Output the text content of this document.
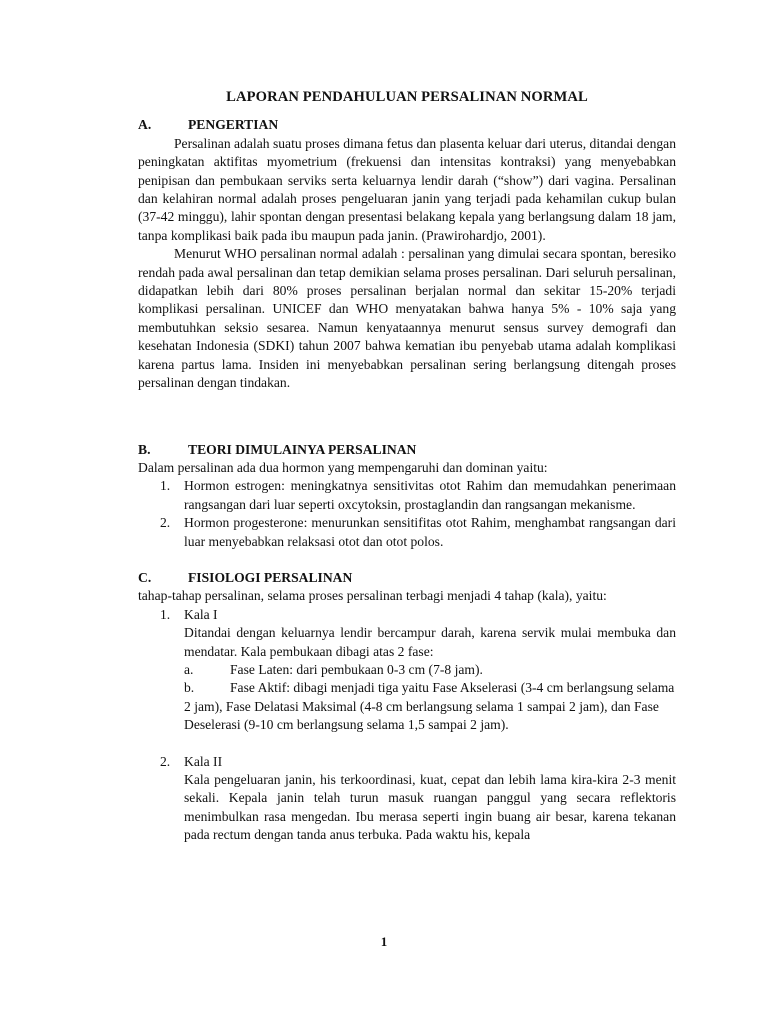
LAPORAN PENDAHULUAN PERSALINAN NORMAL

A.	PENGERTIAN

Persalinan adalah suatu proses dimana fetus dan plasenta keluar dari uterus, ditandai dengan peningkatan aktifitas myometrium (frekuensi dan intensitas kontraksi) yang menyebabkan penipisan dan pembukaan serviks serta keluarnya lendir darah (“show”) dari vagina. Persalinan dan kelahiran normal adalah proses pengeluaran janin yang terjadi pada kehamilan cukup bulan (37-42 minggu), lahir spontan dengan presentasi belakang kepala yang berlangsung dalam 18 jam, tanpa komplikasi baik pada ibu maupun pada janin. (Prawirohardjo, 2001).

Menurut WHO persalinan normal adalah : persalinan yang dimulai secara spontan, beresiko rendah pada awal persalinan dan tetap demikian selama proses persalinan. Dari seluruh persalinan, didapatkan lebih dari 80% proses persalinan berjalan normal dan sekitar 15-20% terjadi komplikasi persalinan. UNICEF dan WHO menyatakan bahwa hanya 5% - 10% saja yang membutuhkan seksio sesarea. Namun kenyataannya menurut sensus survey demografi dan kesehatan Indonesia (SDKI) tahun 2007 bahwa kematian ibu penyebab utama adalah komplikasi karena partus lama. Insiden ini menyebabkan persalinan sering berlangsung ditengah proses persalinan dengan tindakan.

B.	TEORI DIMULAINYA PERSALINAN

Dalam persalinan ada dua hormon yang mempengaruhi dan dominan yaitu:

1.	Hormon estrogen: meningkatnya sensitivitas otot Rahim dan memudahkan penerimaan rangsangan dari luar seperti oxcytoksin, prostaglandin dan rangsangan mekanisme.
2.	Hormon progesterone: menurunkan sensitifitas otot Rahim, menghambat rangsangan dari luar menyebabkan relaksasi otot dan otot polos.
C.	FISIOLOGI PERSALINAN

tahap-tahap persalinan, selama proses persalinan terbagi menjadi 4 tahap (kala), yaitu:

1.	Kala I

Ditandai dengan keluarnya lendir bercampur darah, karena servik mulai membuka dan mendatar. Kala pembukaan dibagi atas 2 fase:

a.	Fase Laten: dari pembukaan 0-3 cm (7-8 jam).
b.	Fase Aktif: dibagi menjadi tiga yaitu Fase Akselerasi (3-4 cm berlangsung selama 2 jam), Fase Delatasi Maksimal (4-8 cm berlangsung selama 1 sampai 2 jam), dan Fase Deselerasi (9-10 cm berlangsung selama 1,5 sampai 2 jam).
2.	Kala II

Kala pengeluaran janin, his terkoordinasi, kuat, cepat dan lebih lama kira-kira 2-3 menit sekali. Kepala janin telah turun masuk ruangan panggul yang secara reflektoris menimbulkan rasa mengedan. Ibu merasa seperti ingin buang air besar, karena tekanan pada rectum dengan tanda anus terbuka. Pada waktu his, kepala

1
